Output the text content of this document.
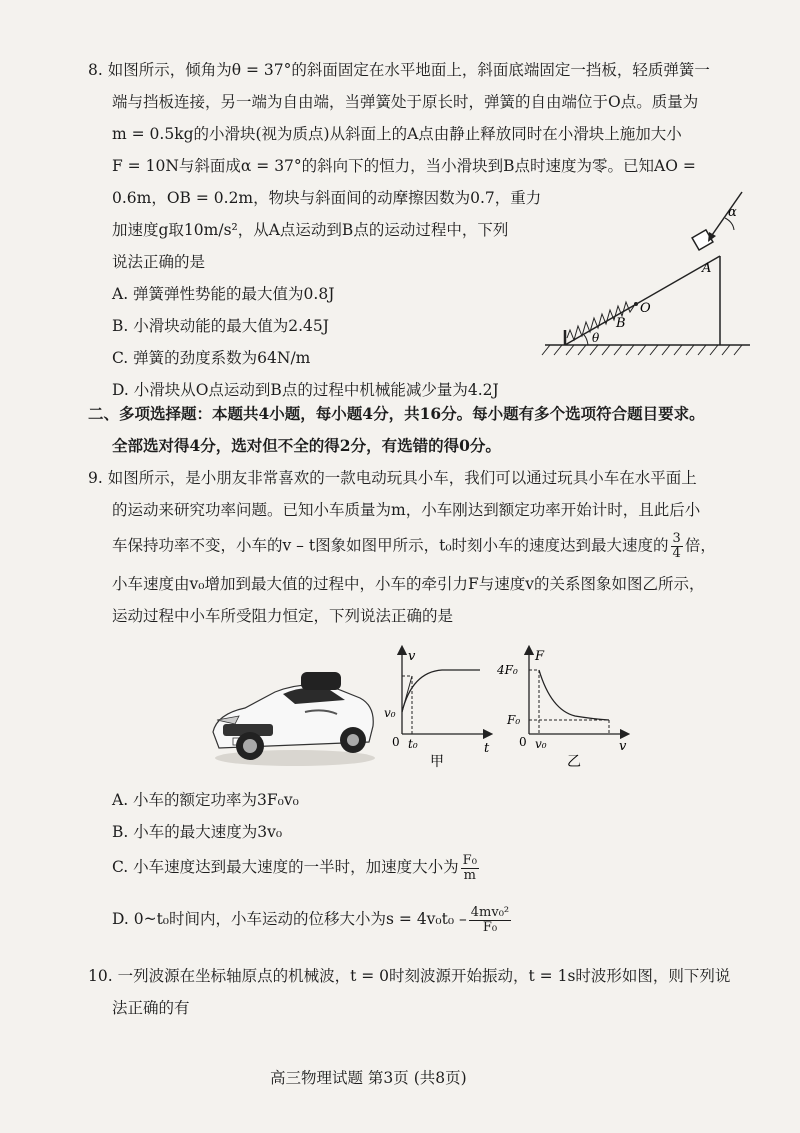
8. 如图所示，倾角为θ = 37°的斜面固定在水平地面上，斜面底端固定一挡板，轻质弹簧一
端与挡板连接，另一端为自由端，当弹簧处于原长时，弹簧的自由端位于O点。质量为
m = 0.5kg的小滑块(视为质点)从斜面上的A点由静止释放同时在小滑块上施加大小
F = 10N与斜面成α = 37°的斜向下的恒力，当小滑块到B点时速度为零。已知AO =
0.6m，OB = 0.2m，物块与斜面间的动摩擦因数为0.7，重力
加速度g取10m/s²，从A点运动到B点的运动过程中，下列
说法正确的是
A. 弹簧弹性势能的最大值为0.8J
B. 小滑块动能的最大值为2.45J
C. 弹簧的劲度系数为64N/m
D. 小滑块从O点运动到B点的过程中机械能减少量为4.2J
α
A
O
B
θ
二、多项选择题：本题共4小题，每小题4分，共16分。每小题有多个选项符合题目要求。
全部选对得4分，选对但不全的得2分，有选错的得0分。
9. 如图所示，是小朋友非常喜欢的一款电动玩具小车，我们可以通过玩具小车在水平面上
的运动来研究功率问题。已知小车质量为m，小车刚达到额定功率开始计时，且此后小
车保持功率不变，小车的v – t图象如图甲所示，t₀时刻小车的速度达到最大速度的 $\frac{3}{4}$ 倍，
小车速度由v₀增加到最大值的过程中，小车的牵引力F与速度v的关系图象如图乙所示，
运动过程中小车所受阻力恒定，下列说法正确的是
v
t
0
v₀
t₀
甲
F
v
0
4F₀
F₀
v₀
乙
A. 小车的额定功率为3F₀v₀
B. 小车的最大速度为3v₀
C. 小车速度达到最大速度的一半时，加速度大小为 $\frac{\text{F₀}}{m}$
D. 0~t₀时间内，小车运动的位移大小为$s = 4v_0t_0 - \frac{\text{4mv₀²}}{\text{F₀}}$
10. 一列波源在坐标轴原点的机械波，t = 0时刻波源开始振动，t = 1s时波形如图，则下列说
法正确的有
高三物理试题 第3页 (共8页)
